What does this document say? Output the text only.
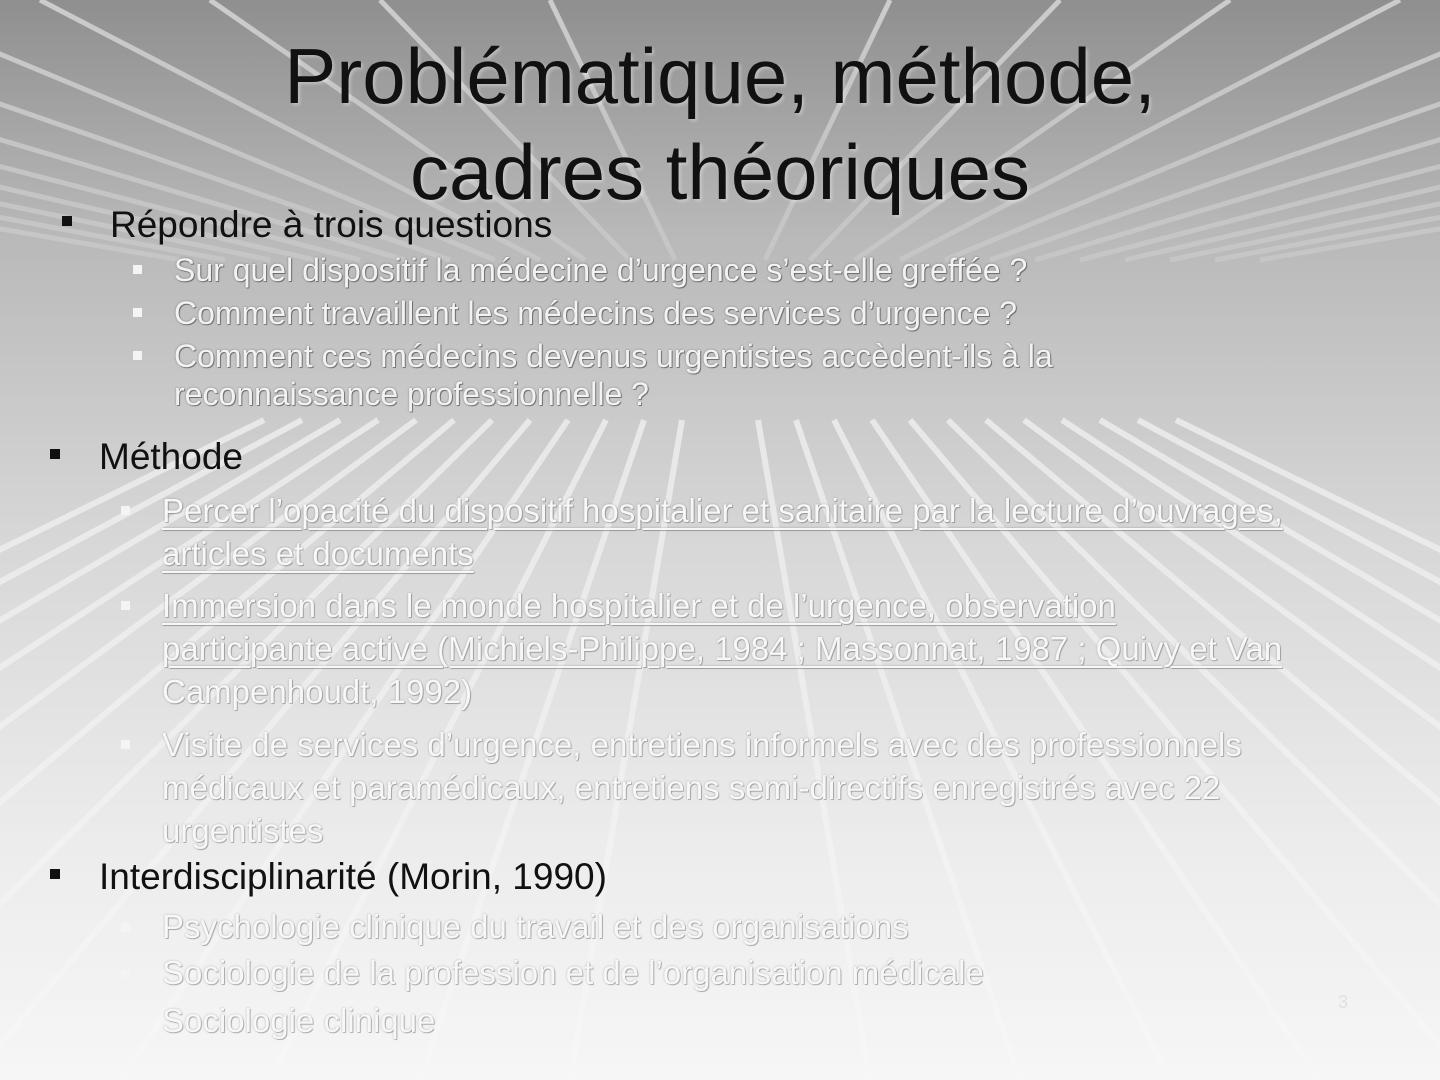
Problématique, méthode,
cadres théoriques
Répondre à trois questions
Sur quel dispositif la médecine d’urgence s’est-elle greffée ?
Comment travaillent les médecins des services d’urgence ?
Comment ces médecins devenus urgentistes accèdent-ils à la
reconnaissance professionnelle ?
Méthode
Percer l’opacité du dispositif hospitalier et sanitaire par la lecture d’ouvrages,
articles et documents
Immersion dans le monde hospitalier et de l’urgence, observation
participante active (Michiels-Philippe, 1984 ; Massonnat, 1987 ; Quivy et Van
Campenhoudt, 1992)
Visite de services d’urgence, entretiens informels avec des professionnels
médicaux et paramédicaux, entretiens semi-directifs enregistrés avec 22
urgentistes
Interdisciplinarité (Morin, 1990)
Psychologie clinique du travail et des organisations
Sociologie de la profession et de l’organisation médicale
Sociologie clinique	3
